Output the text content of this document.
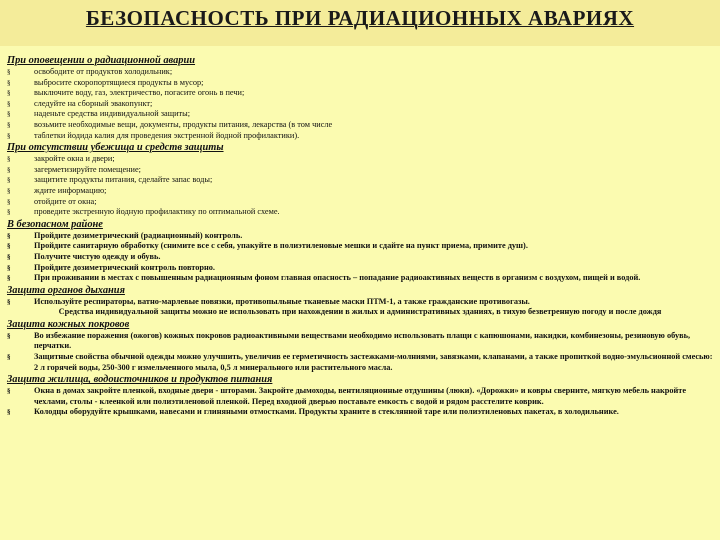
БЕЗОПАСНОСТЬ ПРИ РАДИАЦИОННЫХ АВАРИЯХ
При оповещении о радиационной аварии
§	освободите от продуктов холодильник;
§	выбросите скоропортящиеся продукты в мусор;
§	выключите воду, газ, электричество, погасите огонь в печи;
§	следуйте на сборный эвакопункт;
§	наденьте средства индивидуальной защиты;
§	возьмите необходимые вещи, документы, продукты питания, лекарства (в том числе
§	таблетки йодида калия для проведения экстренной йодной профилактики).
При отсутствии убежища и средств защиты
§	закройте окна и двери;
§	загерметизируйте помещение;
§	защитите продукты питания, сделайте запас воды;
§	ждите информацию;
§	отойдите от окна;
§	проведите экстренную йодную профилактику по оптимальной схеме.
В безопасном районе
§	Пройдите дозиметрический (радиационный) контроль.
§	Пройдите санитарную обработку (снимите все с себя, упакуйте в полиэтиленовые мешки и сдайте на пункт приема, примите душ).
§	Получите чистую одежду и обувь.
§	Пройдите дозиметрический контроль повторно.
§	При проживании в местах с повышенным радиационным фоном главная опасность – попадание радиоактивных веществ в организм с воздухом, пищей и водой.
Защита органов дыхания
§	Используйте респираторы, ватно-марлевые повязки, противопыльные тканевые маски ПТМ-1, а также гражданские противогазы.
Средства индивидуальной защиты можно не использовать при нахождении в жилых и административных зданиях, в тихую безветренную погоду и после дождя
Защита кожных покровов
§	Во избежание поражения (ожогов) кожных покровов радиоактивными веществами необходимо использовать плащи с капюшонами, накидки, комбинезоны, резиновую обувь, перчатки.
§	Защитные свойства обычной одежды можно улучшить, увеличив ее герметичность застежками-молниями, завязками, клапанами, а также пропиткой водно-эмульсионной смесью: 2 л горячей воды, 250-300 г измельченного мыла, 0,5 л минерального или растительного масла.
Защита жилища, водоисточников и продуктов питания
§	Окна в домах закройте пленкой, входные двери - шторами. Закройте дымоходы, вентиляционные отдушины (люки). «Дорожки» и ковры сверните, мягкую мебель накройте чехлами, столы - клеенкой или полиэтиленовой пленкой. Перед входной дверью поставьте емкость с водой и рядом расстелите коврик.
§	Колодцы оборудуйте крышками, навесами и глиняными отмостками. Продукты храните в стеклянной таре или полиэтиленовых пакетах, в холодильнике.
